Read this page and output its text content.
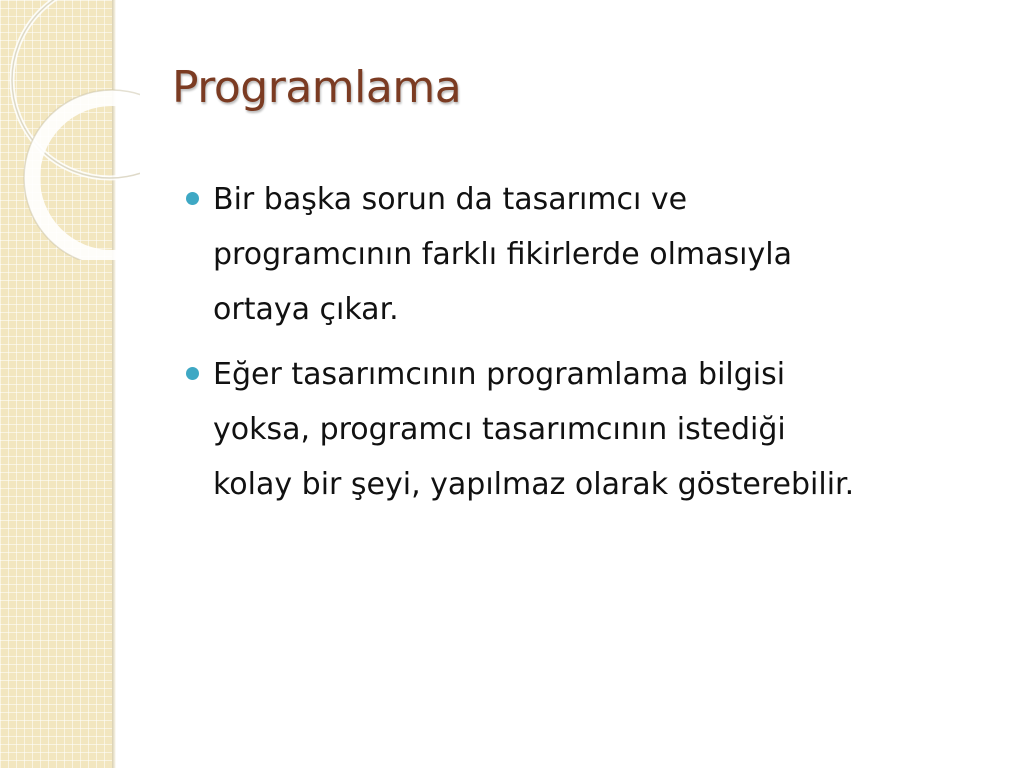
Programlama
Bir başka sorun da tasarımcı ve
programcının farklı fikirlerde olmasıyla
ortaya çıkar.
Eğer tasarımcının programlama bilgisi
yoksa, programcı tasarımcının istediği
kolay bir şeyi, yapılmaz olarak gösterebilir.
